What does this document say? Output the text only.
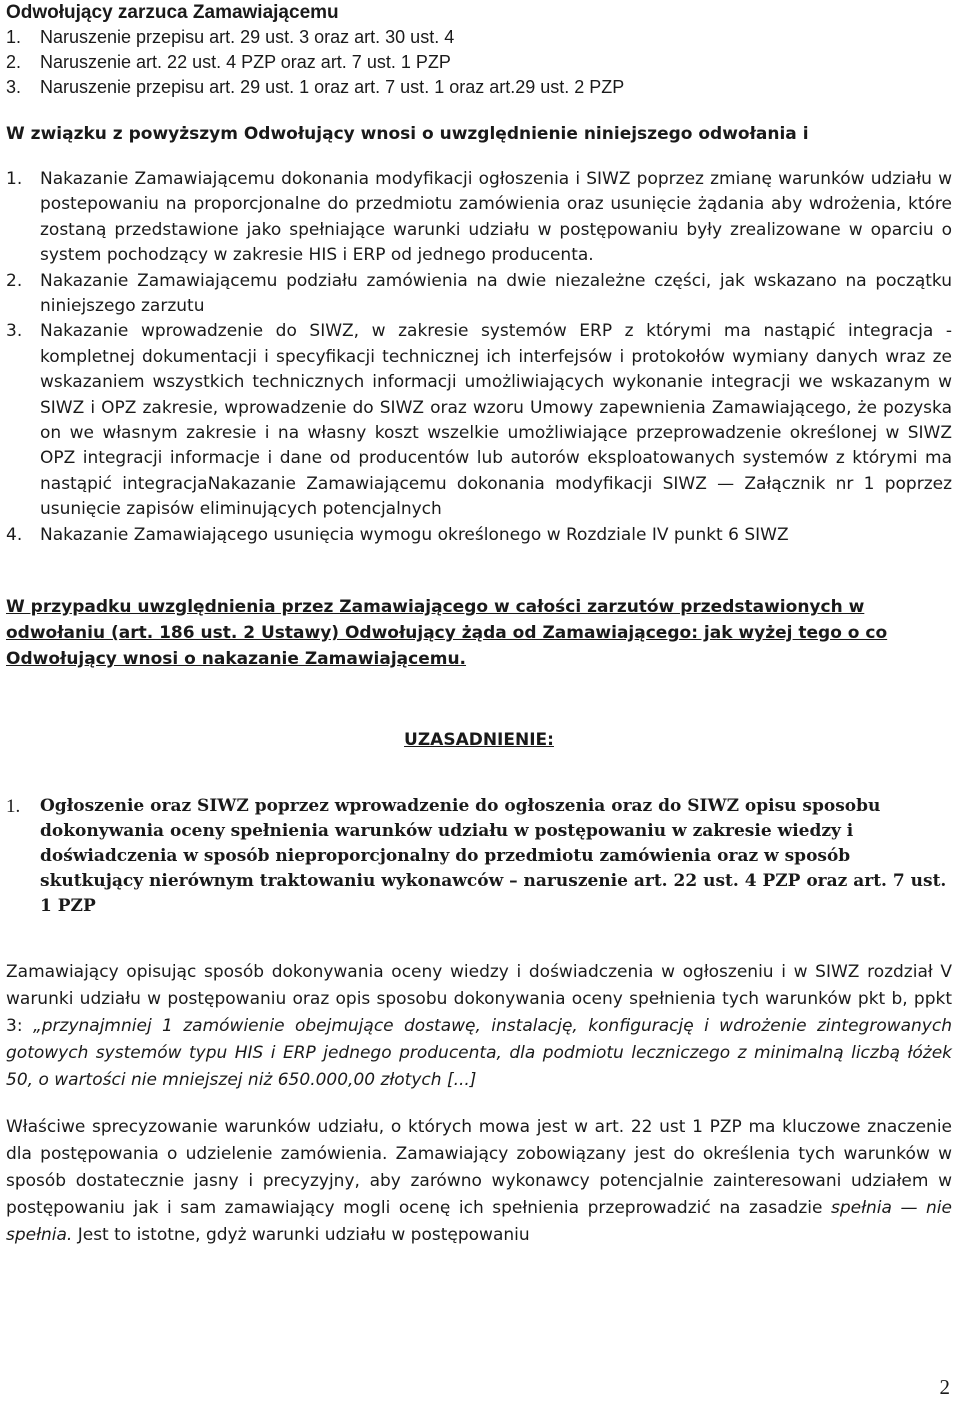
Odwołujący zarzuca Zamawiającemu
1.	Naruszenie przepisu art. 29 ust. 3 oraz art. 30 ust. 4
2.	Naruszenie art. 22 ust. 4 PZP oraz art. 7 ust. 1 PZP
3.	Naruszenie przepisu art. 29 ust. 1 oraz art. 7 ust. 1 oraz art.29 ust. 2 PZP
W związku z powyższym Odwołujący wnosi o uwzględnienie niniejszego odwołania i
1.	Nakazanie Zamawiającemu dokonania modyfikacji ogłoszenia i SIWZ poprzez zmianę warunków udziału w postepowaniu na proporcjonalne do przedmiotu zamówienia oraz usunięcie żądania aby wdrożenia, które zostaną przedstawione jako spełniające warunki udziału w postępowaniu były zrealizowane w oparciu o system pochodzący w zakresie HIS i ERP od jednego producenta.
2.	Nakazanie Zamawiającemu podziału zamówienia na dwie niezależne części, jak wskazano na początku niniejszego zarzutu
3.	Nakazanie wprowadzenie do SIWZ, w zakresie systemów ERP z którymi ma nastąpić integracja - kompletnej dokumentacji i specyfikacji technicznej ich interfejsów i protokołów wymiany danych wraz ze wskazaniem wszystkich technicznych informacji umożliwiających wykonanie integracji we wskazanym w SIWZ i OPZ zakresie, wprowadzenie do SIWZ oraz wzoru Umowy zapewnienia Zamawiającego, że pozyska on we własnym zakresie i na własny koszt wszelkie umożliwiające przeprowadzenie określonej w SIWZ OPZ integracji informacje i dane od producentów lub autorów eksploatowanych systemów z którymi ma nastąpić integracjaNakazanie Zamawiającemu dokonania modyfikacji SIWZ — Załącznik nr 1 poprzez usunięcie zapisów eliminujących potencjalnych
4.	Nakazanie Zamawiającego usunięcia wymogu określonego w Rozdziale IV punkt 6 SIWZ
W przypadku uwzględnienia przez Zamawiającego w całości zarzutów przedstawionych w odwołaniu (art. 186 ust. 2 Ustawy) Odwołujący żąda od Zamawiającego: jak wyżej tego o co Odwołujący wnosi o nakazanie Zamawiającemu.
UZASADNIENIE:
1.	Ogłoszenie oraz SIWZ poprzez wprowadzenie do ogłoszenia oraz do SIWZ opisu sposobu dokonywania oceny spełnienia warunków udziału w postępowaniu w zakresie wiedzy i doświadczenia w sposób nieproporcjonalny do przedmiotu zamówienia oraz w sposób skutkujący nierównym traktowaniu wykonawców – naruszenie art. 22 ust. 4 PZP oraz art. 7 ust. 1 PZP
Zamawiający opisując sposób dokonywania oceny wiedzy i doświadczenia w ogłoszeniu i w SIWZ rozdział V warunki udziału w postępowaniu oraz opis sposobu dokonywania oceny spełnienia tych warunków pkt b, ppkt 3: „przynajmniej 1 zamówienie obejmujące dostawę, instalację, konfigurację i wdrożenie zintegrowanych gotowych systemów typu HIS i ERP jednego producenta, dla podmiotu leczniczego z minimalną liczbą łóżek 50, o wartości nie mniejszej niż 650.000,00 złotych [...]
Właściwe sprecyzowanie warunków udziału, o których mowa jest w art. 22 ust 1 PZP ma kluczowe znaczenie dla postępowania o udzielenie zamówienia. Zamawiający zobowiązany jest do określenia tych warunków w sposób dostatecznie jasny i precyzyjny, aby zarówno wykonawcy potencjalnie zainteresowani udziałem w postępowaniu jak i sam zamawiający mogli ocenę ich spełnienia przeprowadzić na zasadzie spełnia — nie spełnia. Jest to istotne, gdyż warunki udziału w postępowaniu
2
